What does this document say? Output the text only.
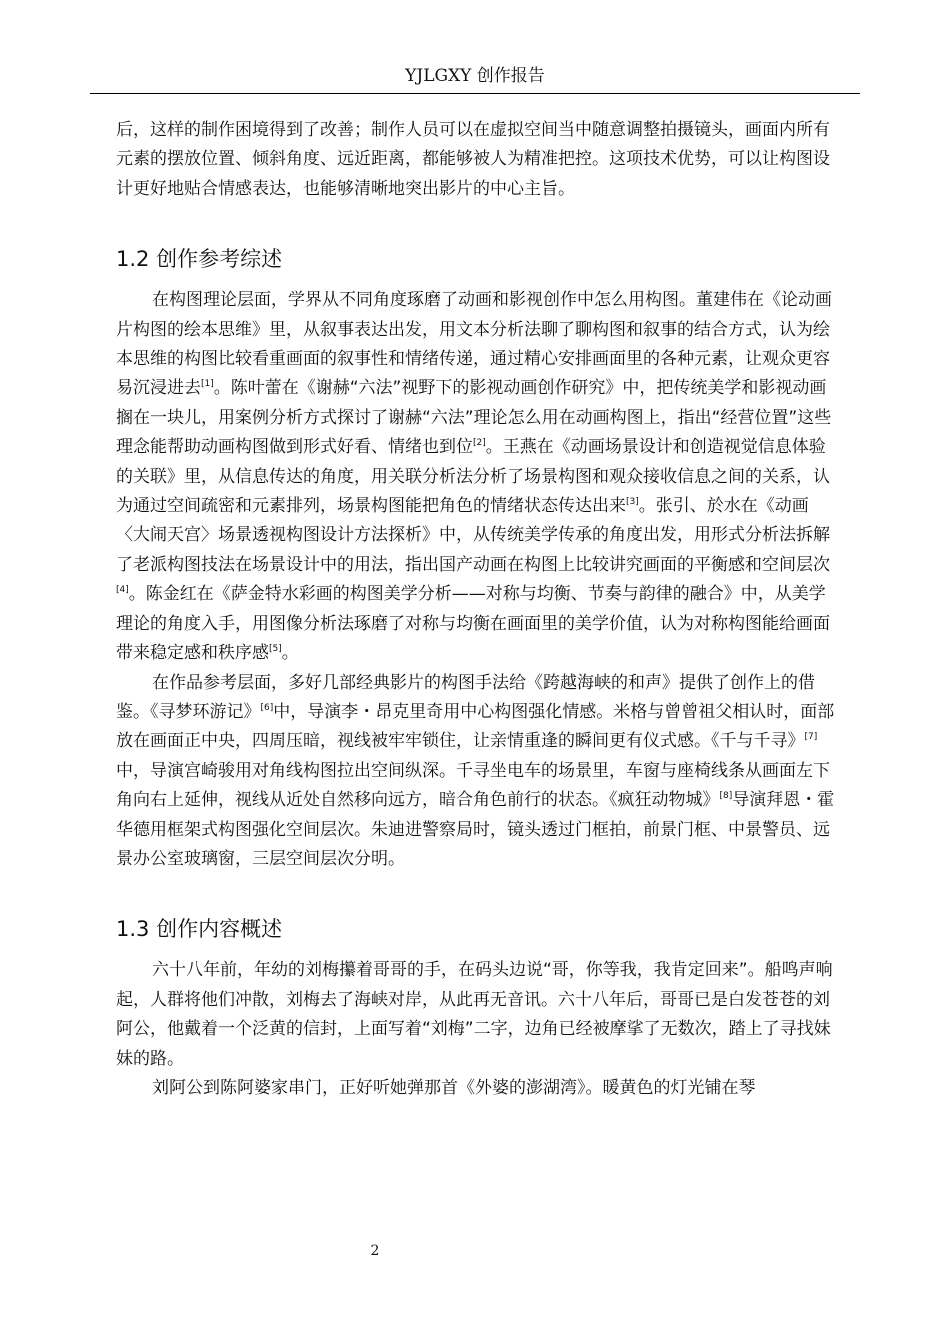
YJLGXY 创作报告

后，这样的制作困境得到了改善；制作人员可以在虚拟空间当中随意调整拍摄镜头，画面内所有元素的摆放位置、倾斜角度、远近距离，都能够被人为精准把控。这项技术优势，可以让构图设计更好地贴合情感表达，也能够清晰地突出影片的中心主旨。

1.2 创作参考综述

在构图理论层面，学界从不同角度琢磨了动画和影视创作中怎么用构图。董建伟在《论动画片构图的绘本思维》里，从叙事表达出发，用文本分析法聊了聊构图和叙事的结合方式，认为绘本思维的构图比较看重画面的叙事性和情绪传递，通过精心安排画面里的各种元素，让观众更容易沉浸进去[1]。陈叶蕾在《谢赫“六法”视野下的影视动画创作研究》中，把传统美学和影视动画搁在一块儿，用案例分析方式探讨了谢赫“六法”理论怎么用在动画构图上，指出“经营位置”这些理念能帮助动画构图做到形式好看、情绪也到位[2]。王燕在《动画场景设计和创造视觉信息体验的关联》里，从信息传达的角度，用关联分析法分析了场景构图和观众接收信息之间的关系，认为通过空间疏密和元素排列，场景构图能把角色的情绪状态传达出来[3]。张引、於水在《动画〈大闹天宫〉场景透视构图设计方法探析》中，从传统美学传承的角度出发，用形式分析法拆解了老派构图技法在场景设计中的用法，指出国产动画在构图上比较讲究画面的平衡感和空间层次[4]。陈金红在《萨金特水彩画的构图美学分析——对称与均衡、节奏与韵律的融合》中，从美学理论的角度入手，用图像分析法琢磨了对称与均衡在画面里的美学价值，认为对称构图能给画面带来稳定感和秩序感[5]。

在作品参考层面，多好几部经典影片的构图手法给《跨越海峡的和声》提供了创作上的借鉴。《寻梦环游记》[6]中，导演李・昂克里奇用中心构图强化情感。米格与曾曾祖父相认时，面部放在画面正中央，四周压暗，视线被牢牢锁住，让亲情重逢的瞬间更有仪式感。《千与千寻》[7]中，导演宫崎骏用对角线构图拉出空间纵深。千寻坐电车的场景里，车窗与座椅线条从画面左下角向右上延伸，视线从近处自然移向远方，暗合角色前行的状态。《疯狂动物城》[8]导演拜恩・霍华德用框架式构图强化空间层次。朱迪进警察局时，镜头透过门框拍，前景门框、中景警员、远景办公室玻璃窗，三层空间层次分明。

1.3 创作内容概述

六十八年前，年幼的刘梅攥着哥哥的手，在码头边说“哥，你等我，我肯定回来”。船鸣声响起，人群将他们冲散，刘梅去了海峡对岸，从此再无音讯。六十八年后，哥哥已是白发苍苍的刘阿公，他戴着一个泛黄的信封，上面写着“刘梅”二字，边角已经被摩挲了无数次，踏上了寻找妹妹的路。

刘阿公到陈阿婆家串门，正好听她弹那首《外婆的澎湖湾》。暖黄色的灯光铺在琴

2
